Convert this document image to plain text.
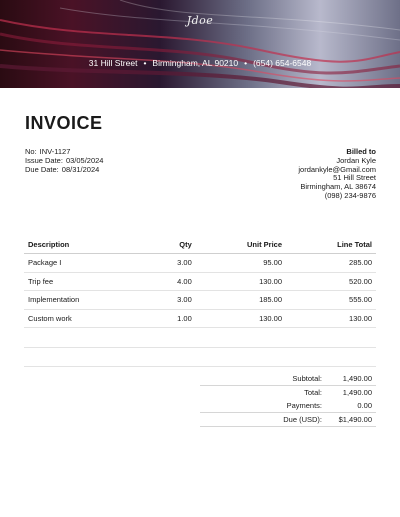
Jdoe
31 Hill Street • Birmingham, AL 90210 • (654) 654-6548
INVOICE
No: INV-1127
Issue Date: 03/05/2024
Due Date: 08/31/2024
Billed to
Jordan Kyle
jordankyle@Gmail.com
51 Hill Street
Birmingham, AL 38674
(098) 234-9876
Description	Qty	Unit Price	Line Total
Package I	3.00	95.00	285.00
Trip fee	4.00	130.00	520.00
Implementation	3.00	185.00	555.00
Custom work	1.00	130.00	130.00
Subtotal:	1,490.00
Total:	1,490.00
Payments:	0.00
Due (USD):	$1,490.00
